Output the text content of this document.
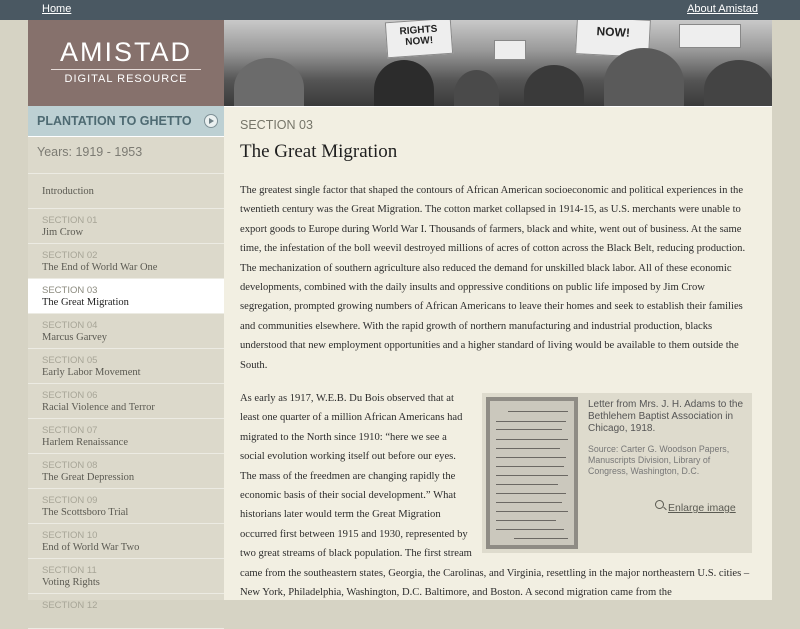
Home	About Amistad
AMISTAD
DIGITAL RESOURCE
RIGHTS NOW!
NOW!
PLANTATION TO GHETTO
Years: 1919 - 1953
Introduction
SECTION 01
Jim Crow
SECTION 02
The End of World War One
SECTION 03
The Great Migration
SECTION 04
Marcus Garvey
SECTION 05
Early Labor Movement
SECTION 06
Racial Violence and Terror
SECTION 07
Harlem Renaissance
SECTION 08
The Great Depression
SECTION 09
The Scottsboro Trial
SECTION 10
End of World War Two
SECTION 11
Voting Rights
SECTION 12
SECTION 03
The Great Migration

The greatest single factor that shaped the contours of African American socioeconomic and political experiences in the twentieth century was the Great Migration. The cotton market collapsed in 1914-15, as U.S. merchants were unable to export goods to Europe during World War I. Thousands of farmers, black and white, went out of business. At the same time, the infestation of the boll weevil destroyed millions of acres of cotton across the Black Belt, reducing production. The mechanization of southern agriculture also reduced the demand for unskilled black labor. All of these economic developments, combined with the daily insults and oppressive conditions on public life imposed by Jim Crow segregation, prompted growing numbers of African Americans to leave their homes and seek to establish their families and communities elsewhere. With the rapid growth of northern manufacturing and industrial production, blacks understood that new employment opportunities and a higher standard of living would be available to them outside the South.

Letter from Mrs. J. H. Adams to the Bethlehem Baptist Association in Chicago, 1918.
Source: Carter G. Woodson Papers, Manuscripts Division, Library of Congress, Washington, D.C.
Enlarge image
As early as 1917, W.E.B. Du Bois observed that at least one quarter of a million African Americans had migrated to the North since 1910: “here we see a social evolution working itself out before our eyes. The mass of the freedmen are changing rapidly the economic basis of their social development.” What historians later would term the Great Migration occurred first between 1915 and 1930, represented by two great streams of black population. The first stream came from the southeastern states, Georgia, the Carolinas, and Virginia, resettling in the major northeastern U.S. cities – New York, Philadelphia, Washington, D.C. Baltimore, and Boston. A second migration came from the
